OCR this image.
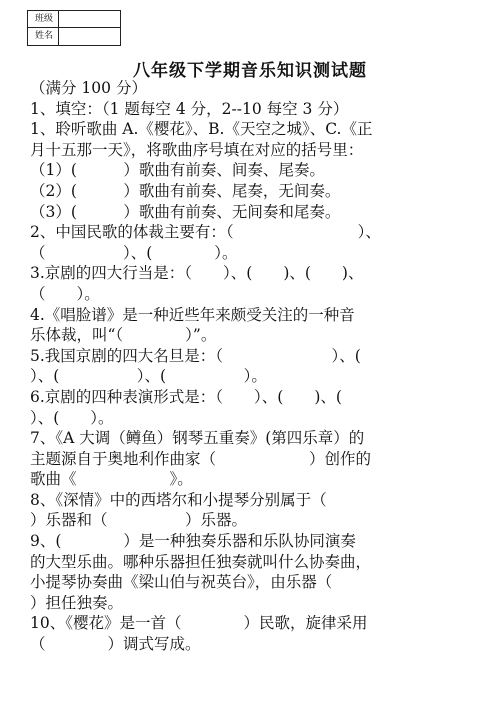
班级
姓名
八年级下学期音乐知识测试题
（满分 100 分）
1、填空：（1 题每空 4 分，2--10 每空 3 分）
1、聆听歌曲 A.《樱花》、B.《天空之城》、C.《正
月十五那一天》，将歌曲序号填在对应的括号里：
（1）(　　　）歌曲有前奏、间奏、尾奏。
（2）(　　　）歌曲有前奏、尾奏，无间奏。
（3）(　　　）歌曲有前奏、无间奏和尾奏。
2、中国民歌的体裁主要有：（　　　　　　　　）、
（　　　　　）、(　　　　）。
3.京剧的四大行当是：（　　）、(　　)、(　　)、
（　　）。
4.《唱脸谱》是一种近些年来颇受关注的一种音
乐体裁，叫“（　　　　）”。
5.我国京剧的四大名旦是：（　　　　　　　）、(
）、(　　　　　）、(　　　　　）。
6.京剧的四种表演形式是：（　　）、(　　)、(
）、(　　）。
7、《A 大调（鳟鱼）钢琴五重奏》(第四乐章）的
主题源自于奥地利作曲家（　　　　　　）创作的
歌曲《　　　　　　》。
8、《深情》中的西塔尔和小提琴分别属于（
）乐器和（　　　　　）乐器。
9、(　　　　）是一种独奏乐器和乐队协同演奏
的大型乐曲。哪种乐器担任独奏就叫什么协奏曲，
小提琴协奏曲《梁山伯与祝英台》，由乐器（
）担任独奏。
10、《樱花》是一首（　　　　）民歌，旋律采用
（　　　　）调式写成。
